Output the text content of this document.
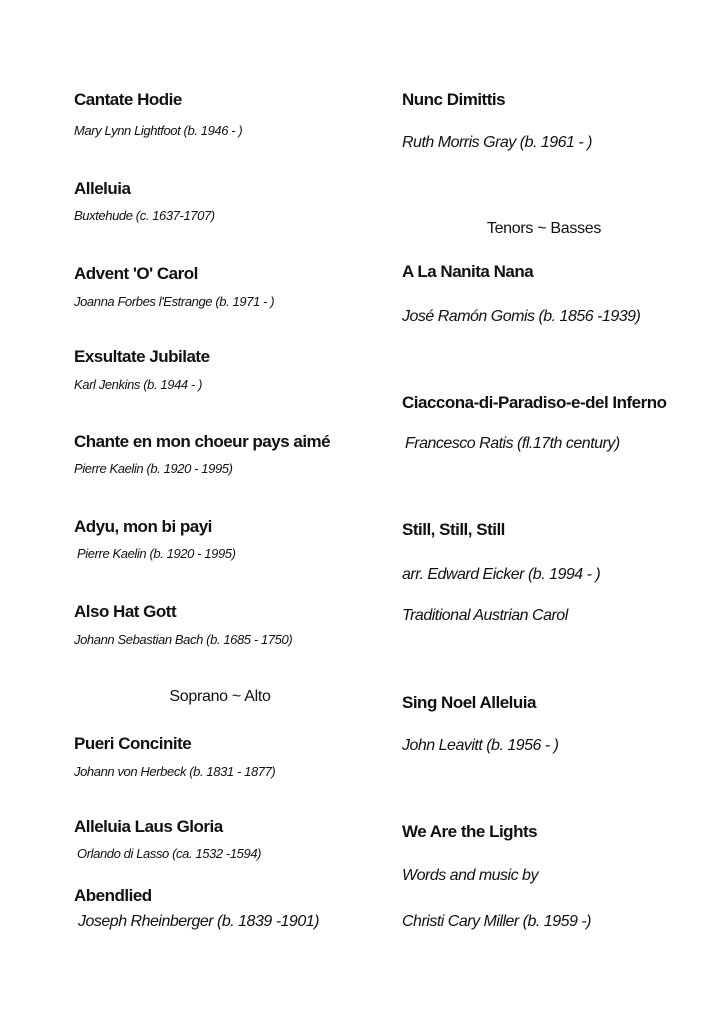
Cantate Hodie
Mary Lynn Lightfoot (b. 1946 - )
Alleluia
Buxtehude (c. 1637-1707)
Advent 'O' Carol
Joanna Forbes l'Estrange (b. 1971 - )
Exsultate Jubilate
Karl Jenkins (b. 1944 - )
Chante en mon choeur pays aimé
Pierre Kaelin (b. 1920 - 1995)
Adyu, mon bi payi
Pierre Kaelin (b. 1920 - 1995)
Also Hat Gott
Johann Sebastian Bach (b. 1685 - 1750)
Soprano ~ Alto
Pueri Concinite
Johann von Herbeck (b. 1831 - 1877)
Alleluia Laus Gloria
Orlando di Lasso (ca. 1532 -1594)
Abendlied
Joseph Rheinberger (b. 1839 -1901)
Nunc Dimittis
Ruth Morris Gray (b. 1961 - )
Tenors ~ Basses
A La Nanita Nana
José Ramón Gomis (b. 1856 -1939)
Ciaccona-di-Paradiso-e-del Inferno
Francesco Ratis (fl.17th century)
Still, Still, Still
arr. Edward Eicker (b. 1994 - )
Traditional Austrian Carol
Sing Noel Alleluia
John Leavitt (b. 1956 - )
We Are the Lights
Words and music by
Christi Cary Miller (b. 1959 -)
